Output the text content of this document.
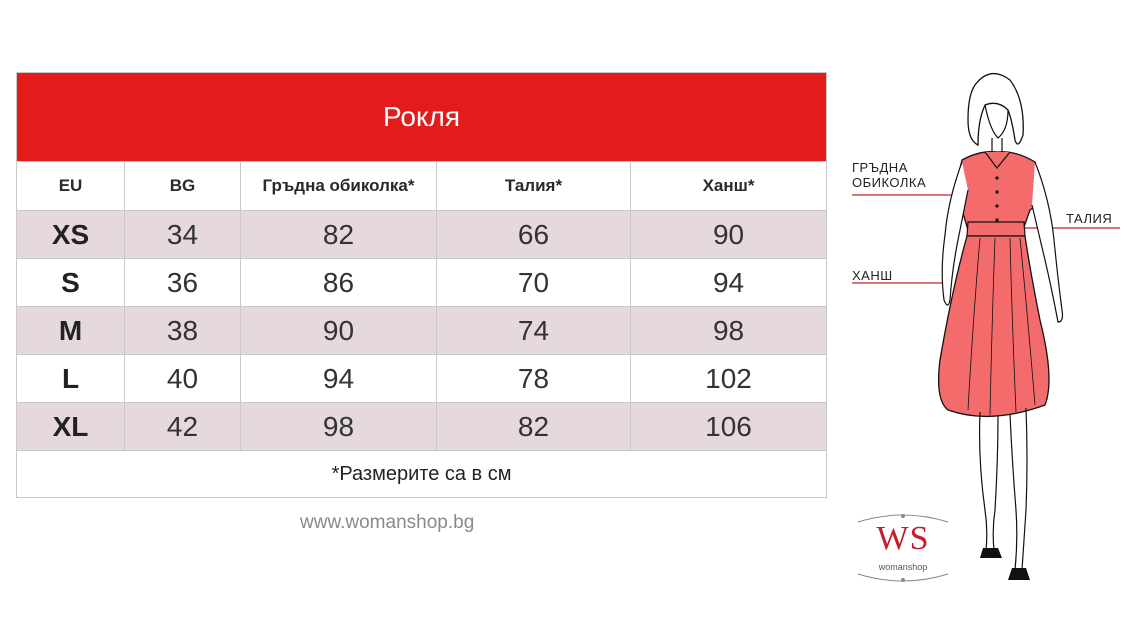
Рокля				
EU	BG	Гръдна обиколка*	Талия*	Ханш*
XS	34	82	66	90
S	36	86	70	94
M	38	90	74	98
L	40	94	78	102
XL	42	98	82	106
*Размерите са в см				
www.womanshop.bg
ГРЪДНА ОБИКОЛКА
ТАЛИЯ
ХАНШ
WS
womanshop
